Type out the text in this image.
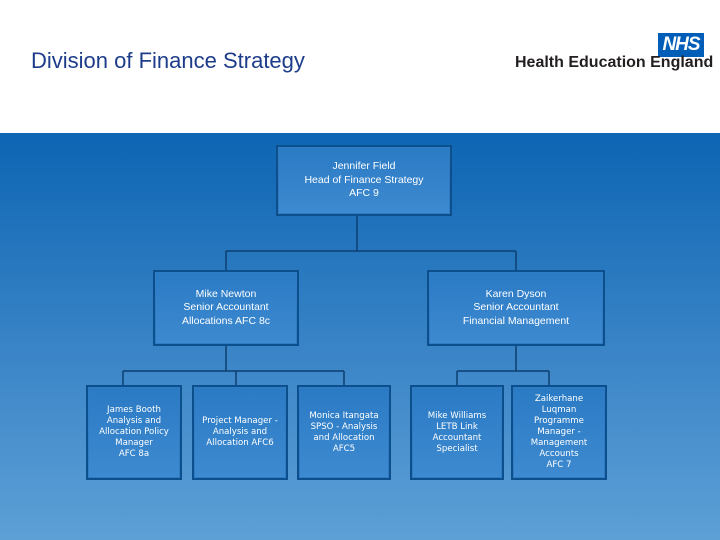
Division of Finance Strategy
NHS
Health Education England
Jennifer Field
Head of Finance Strategy
AFC 9
Mike Newton
Senior Accountant
Allocations AFC 8c
Karen Dyson
Senior Accountant
Financial Management
James Booth
Analysis and
Allocation Policy
Manager
AFC 8a
Project Manager -
Analysis and
Allocation AFC6
Monica Itangata
SPSO - Analysis
and Allocation
AFC5
Mike Williams
LETB Link
Accountant
Specialist
Zaikerhane
Luqman
Programme
Manager -
Management
Accounts
AFC 7
